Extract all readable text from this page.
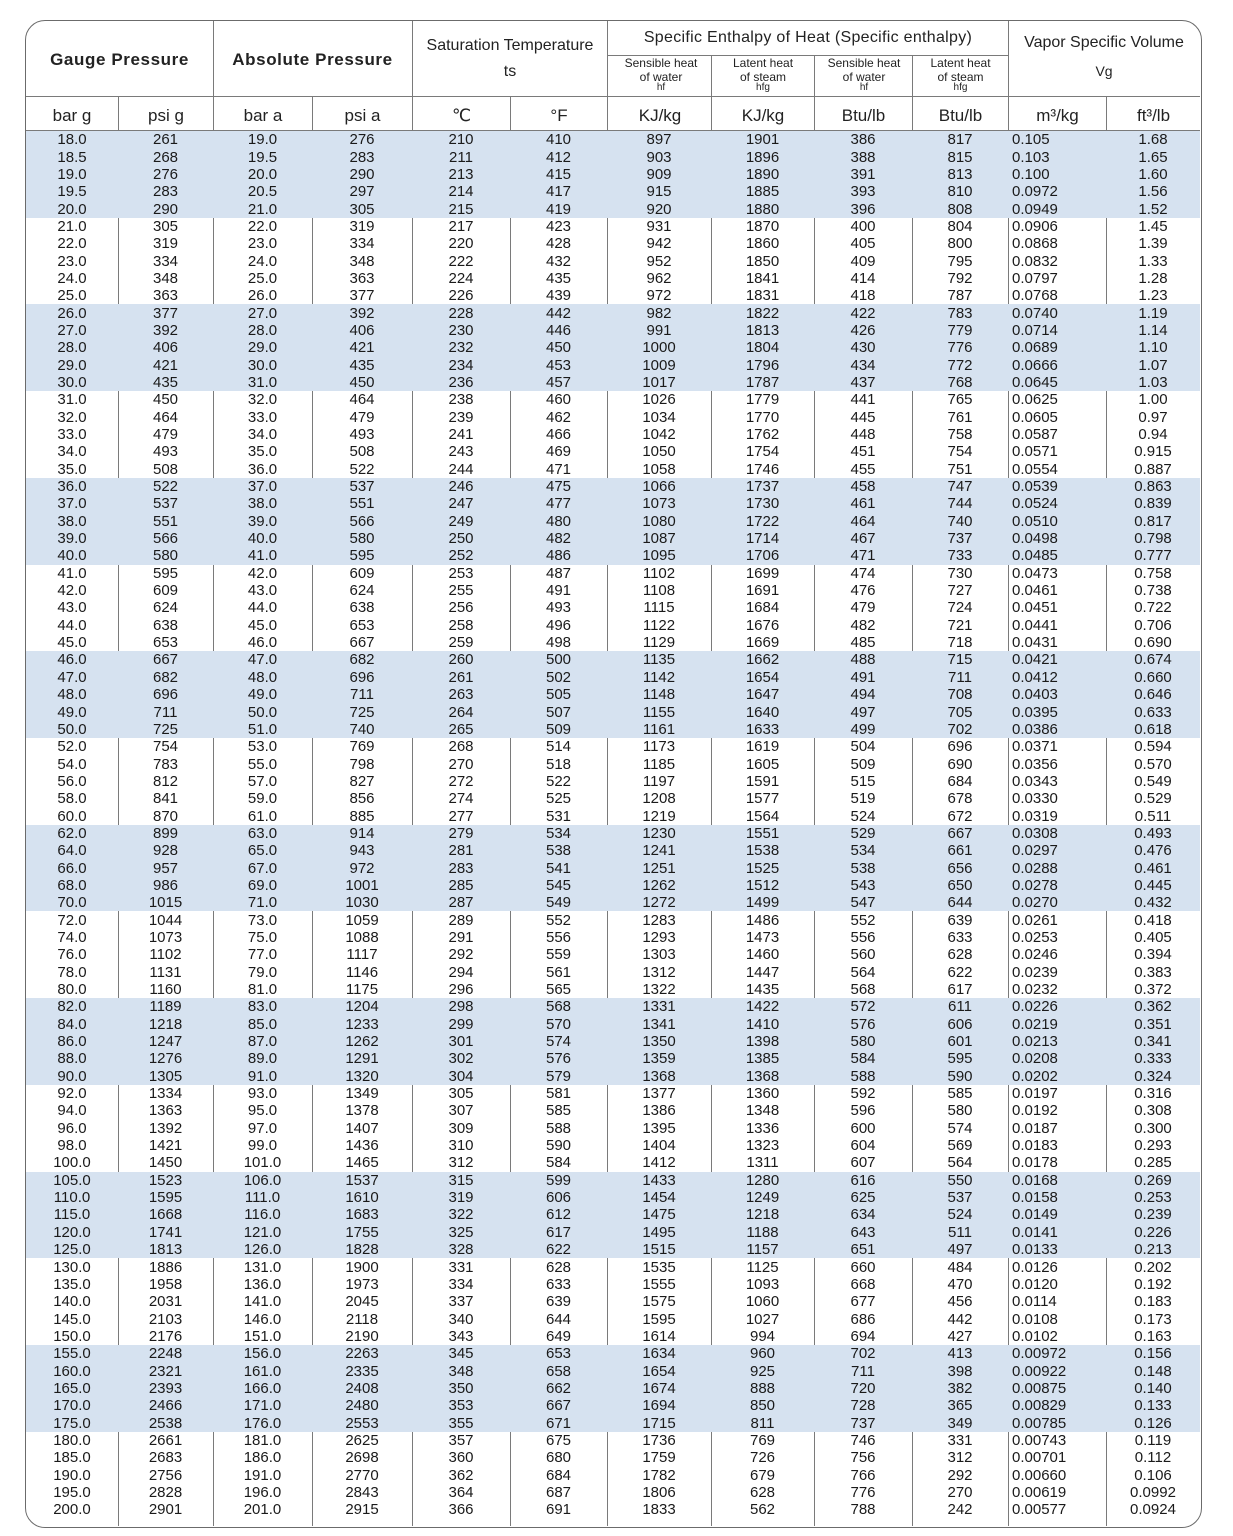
Gauge Pressure	Absolute Pressure
Saturation Temperature
ts
Specific Enthalpy of Heat (Specific enthalpy)	Vapor Specific Volume
Vg
Sensible heat
of water
hf
Latent heat
of steam
hfg
Sensible heat
of water
hf
Latent heat
of steam
hfg
bar g	psi g	bar a	psi a	℃	°F	KJ/kg	KJ/kg	Btu/lb	Btu/lb	m³/kg	ft³/lb
18.0	261	19.0	276	210	410	897	1901	386	817	0.105	1.68
18.5	268	19.5	283	211	412	903	1896	388	815	0.103	1.65
19.0	276	20.0	290	213	415	909	1890	391	813	0.100	1.60
19.5	283	20.5	297	214	417	915	1885	393	810	0.0972	1.56
20.0	290	21.0	305	215	419	920	1880	396	808	0.0949	1.52
21.0	305	22.0	319	217	423	931	1870	400	804	0.0906	1.45
22.0	319	23.0	334	220	428	942	1860	405	800	0.0868	1.39
23.0	334	24.0	348	222	432	952	1850	409	795	0.0832	1.33
24.0	348	25.0	363	224	435	962	1841	414	792	0.0797	1.28
25.0	363	26.0	377	226	439	972	1831	418	787	0.0768	1.23
26.0	377	27.0	392	228	442	982	1822	422	783	0.0740	1.19
27.0	392	28.0	406	230	446	991	1813	426	779	0.0714	1.14
28.0	406	29.0	421	232	450	1000	1804	430	776	0.0689	1.10
29.0	421	30.0	435	234	453	1009	1796	434	772	0.0666	1.07
30.0	435	31.0	450	236	457	1017	1787	437	768	0.0645	1.03
31.0	450	32.0	464	238	460	1026	1779	441	765	0.0625	1.00
32.0	464	33.0	479	239	462	1034	1770	445	761	0.0605	0.97
33.0	479	34.0	493	241	466	1042	1762	448	758	0.0587	0.94
34.0	493	35.0	508	243	469	1050	1754	451	754	0.0571	0.915
35.0	508	36.0	522	244	471	1058	1746	455	751	0.0554	0.887
36.0	522	37.0	537	246	475	1066	1737	458	747	0.0539	0.863
37.0	537	38.0	551	247	477	1073	1730	461	744	0.0524	0.839
38.0	551	39.0	566	249	480	1080	1722	464	740	0.0510	0.817
39.0	566	40.0	580	250	482	1087	1714	467	737	0.0498	0.798
40.0	580	41.0	595	252	486	1095	1706	471	733	0.0485	0.777
41.0	595	42.0	609	253	487	1102	1699	474	730	0.0473	0.758
42.0	609	43.0	624	255	491	1108	1691	476	727	0.0461	0.738
43.0	624	44.0	638	256	493	1115	1684	479	724	0.0451	0.722
44.0	638	45.0	653	258	496	1122	1676	482	721	0.0441	0.706
45.0	653	46.0	667	259	498	1129	1669	485	718	0.0431	0.690
46.0	667	47.0	682	260	500	1135	1662	488	715	0.0421	0.674
47.0	682	48.0	696	261	502	1142	1654	491	711	0.0412	0.660
48.0	696	49.0	711	263	505	1148	1647	494	708	0.0403	0.646
49.0	711	50.0	725	264	507	1155	1640	497	705	0.0395	0.633
50.0	725	51.0	740	265	509	1161	1633	499	702	0.0386	0.618
52.0	754	53.0	769	268	514	1173	1619	504	696	0.0371	0.594
54.0	783	55.0	798	270	518	1185	1605	509	690	0.0356	0.570
56.0	812	57.0	827	272	522	1197	1591	515	684	0.0343	0.549
58.0	841	59.0	856	274	525	1208	1577	519	678	0.0330	0.529
60.0	870	61.0	885	277	531	1219	1564	524	672	0.0319	0.511
62.0	899	63.0	914	279	534	1230	1551	529	667	0.0308	0.493
64.0	928	65.0	943	281	538	1241	1538	534	661	0.0297	0.476
66.0	957	67.0	972	283	541	1251	1525	538	656	0.0288	0.461
68.0	986	69.0	1001	285	545	1262	1512	543	650	0.0278	0.445
70.0	1015	71.0	1030	287	549	1272	1499	547	644	0.0270	0.432
72.0	1044	73.0	1059	289	552	1283	1486	552	639	0.0261	0.418
74.0	1073	75.0	1088	291	556	1293	1473	556	633	0.0253	0.405
76.0	1102	77.0	1117	292	559	1303	1460	560	628	0.0246	0.394
78.0	1131	79.0	1146	294	561	1312	1447	564	622	0.0239	0.383
80.0	1160	81.0	1175	296	565	1322	1435	568	617	0.0232	0.372
82.0	1189	83.0	1204	298	568	1331	1422	572	611	0.0226	0.362
84.0	1218	85.0	1233	299	570	1341	1410	576	606	0.0219	0.351
86.0	1247	87.0	1262	301	574	1350	1398	580	601	0.0213	0.341
88.0	1276	89.0	1291	302	576	1359	1385	584	595	0.0208	0.333
90.0	1305	91.0	1320	304	579	1368	1368	588	590	0.0202	0.324
92.0	1334	93.0	1349	305	581	1377	1360	592	585	0.0197	0.316
94.0	1363	95.0	1378	307	585	1386	1348	596	580	0.0192	0.308
96.0	1392	97.0	1407	309	588	1395	1336	600	574	0.0187	0.300
98.0	1421	99.0	1436	310	590	1404	1323	604	569	0.0183	0.293
100.0	1450	101.0	1465	312	584	1412	1311	607	564	0.0178	0.285
105.0	1523	106.0	1537	315	599	1433	1280	616	550	0.0168	0.269
110.0	1595	111.0	1610	319	606	1454	1249	625	537	0.0158	0.253
115.0	1668	116.0	1683	322	612	1475	1218	634	524	0.0149	0.239
120.0	1741	121.0	1755	325	617	1495	1188	643	511	0.0141	0.226
125.0	1813	126.0	1828	328	622	1515	1157	651	497	0.0133	0.213
130.0	1886	131.0	1900	331	628	1535	1125	660	484	0.0126	0.202
135.0	1958	136.0	1973	334	633	1555	1093	668	470	0.0120	0.192
140.0	2031	141.0	2045	337	639	1575	1060	677	456	0.0114	0.183
145.0	2103	146.0	2118	340	644	1595	1027	686	442	0.0108	0.173
150.0	2176	151.0	2190	343	649	1614	994	694	427	0.0102	0.163
155.0	2248	156.0	2263	345	653	1634	960	702	413	0.00972	0.156
160.0	2321	161.0	2335	348	658	1654	925	711	398	0.00922	0.148
165.0	2393	166.0	2408	350	662	1674	888	720	382	0.00875	0.140
170.0	2466	171.0	2480	353	667	1694	850	728	365	0.00829	0.133
175.0	2538	176.0	2553	355	671	1715	811	737	349	0.00785	0.126
180.0	2661	181.0	2625	357	675	1736	769	746	331	0.00743	0.119
185.0	2683	186.0	2698	360	680	1759	726	756	312	0.00701	0.112
190.0	2756	191.0	2770	362	684	1782	679	766	292	0.00660	0.106
195.0	2828	196.0	2843	364	687	1806	628	776	270	0.00619	0.0992
200.0	2901	201.0	2915	366	691	1833	562	788	242	0.00577	0.0924
